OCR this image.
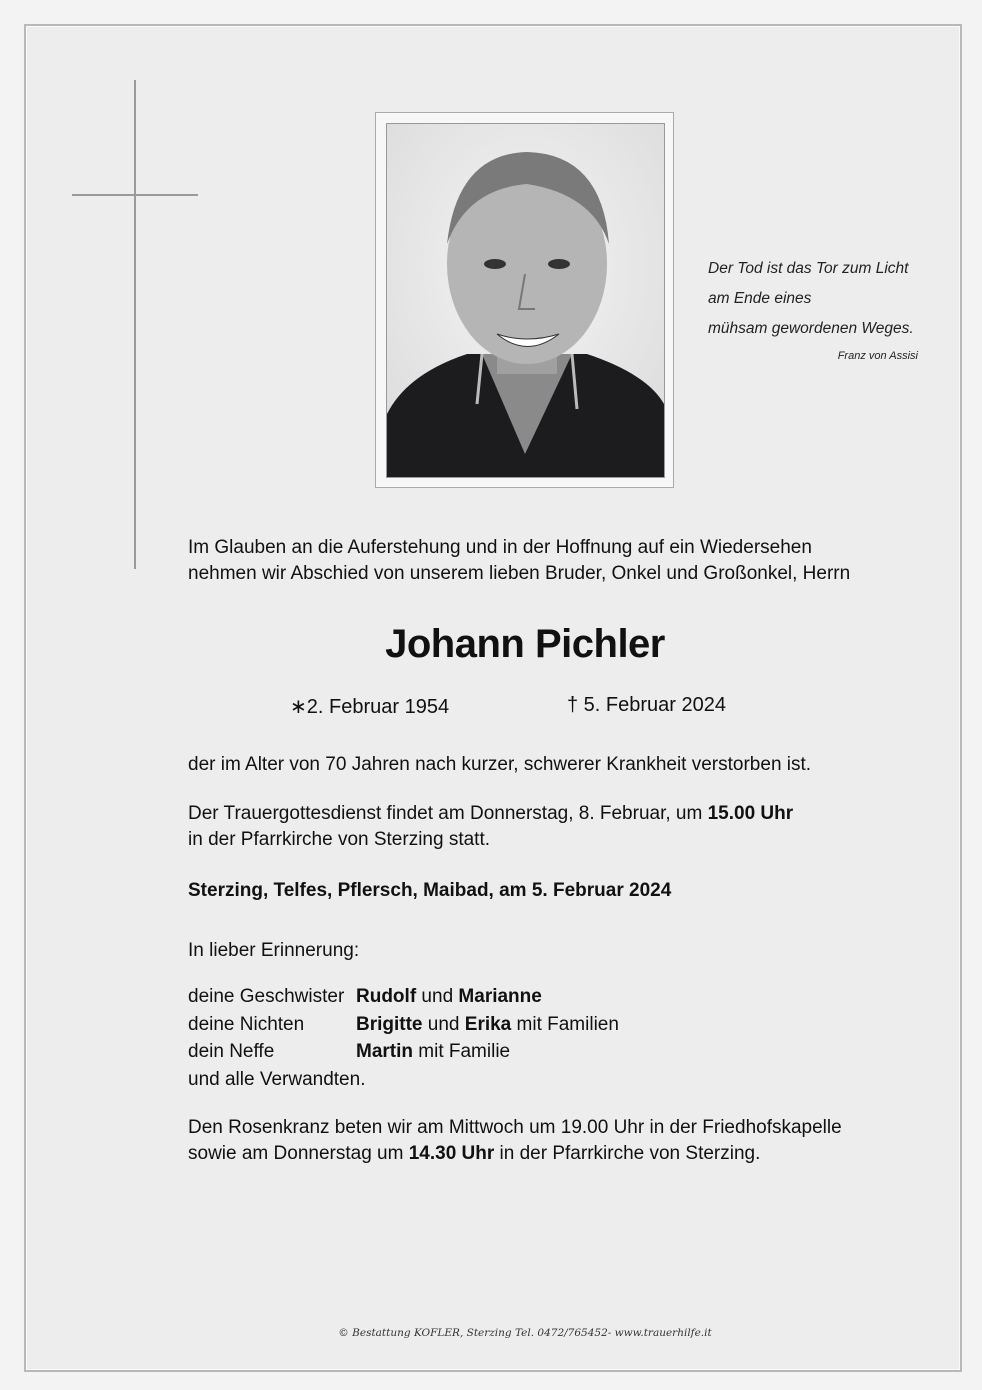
Der Tod ist das Tor zum Licht
am Ende eines
mühsam gewordenen Weges.
Franz von Assisi
Im Glauben an die Auferstehung und in der Hoffnung auf ein Wiedersehen
nehmen wir Abschied von unserem lieben Bruder, Onkel und Großonkel, Herrn
Johann Pichler
∗2. Februar 1954	† 5. Februar 2024
der im Alter von 70 Jahren nach kurzer, schwerer Krankheit verstorben ist.
Der Trauergottesdienst findet am Donnerstag, 8. Februar, um 15.00 Uhr
in der Pfarrkirche von Sterzing statt.
Sterzing, Telfes, Pflersch, Maibad, am 5. Februar 2024
In lieber Erinnerung:
deine Geschwister Rudolf und Marianne
deine Nichten	Brigitte und Erika mit Familien
dein Neffe	Martin mit Familie
und alle Verwandten.
Den Rosenkranz beten wir am Mittwoch um 19.00 Uhr in der Friedhofskapelle
sowie am Donnerstag um 14.30 Uhr in der Pfarrkirche von Sterzing.
© Bestattung KOFLER, Sterzing Tel. 0472/765452- www.trauerhilfe.it
